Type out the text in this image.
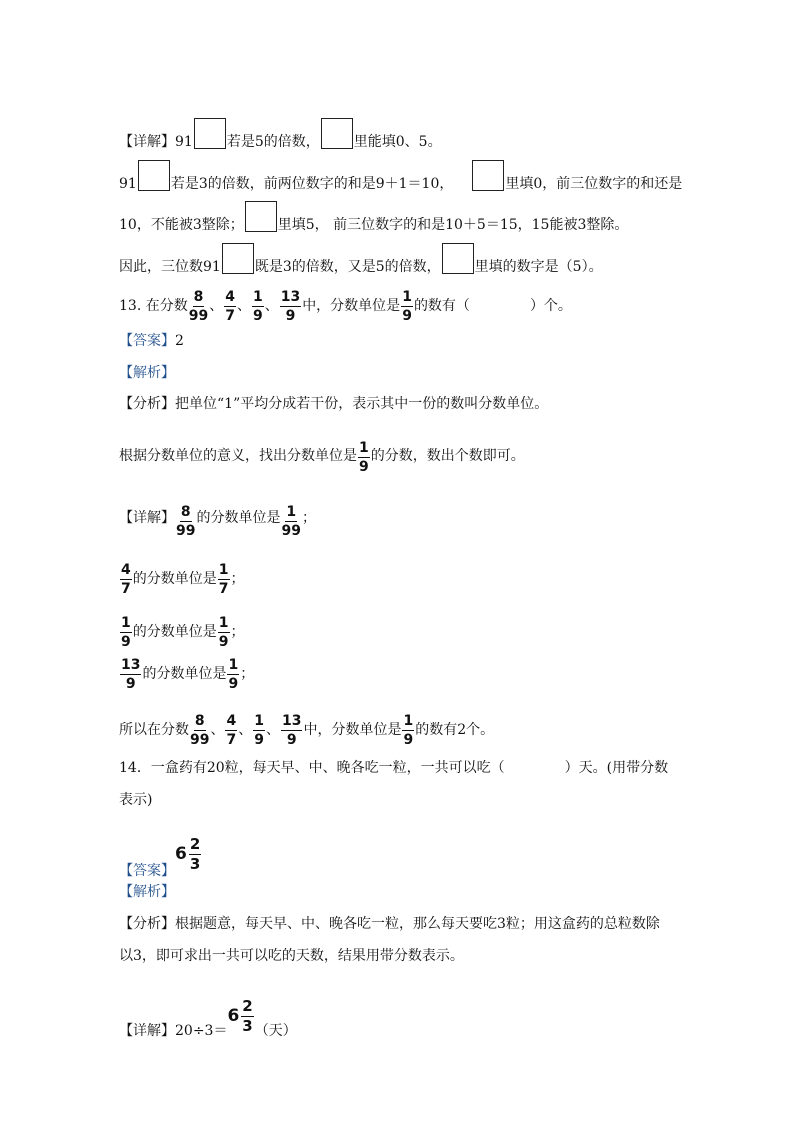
【详解】91 若是5的倍数， 里能填0、5。
91 若是3的倍数，前两位数字的和是9＋1＝10，	里填0，前三位数字的和还是
10，不能被3整除； 里填5， 前三位数字的和是10＋5＝15，15能被3整除。
因此，三位数91 既是3的倍数，又是5的倍数， 里填的数字是（5）。
13. 在分数 $\frac{8}{99}$ 、 $\frac{4}{7}$ 、 $\frac{1}{9}$ 、 $\frac{13}{9}$ 中，分数单位是 $\frac{1}{9}$ 的数有（	）个。
【答案】2
【解析】
【分析】把单位“1”平均分成若干份，表示其中一份的数叫分数单位。
根据分数单位的意义，找出分数单位是 $\frac{1}{9}$ 的分数，数出个数即可。
【详解】 $\frac{8}{99}$ 的分数单位是 $\frac{1}{99}$ ；
$\frac{4}{7}$ 的分数单位是 $\frac{1}{7}$ ；
$\frac{1}{9}$ 的分数单位是 $\frac{1}{9}$ ；
$\frac{13}{9}$ 的分数单位是 $\frac{1}{9}$ ；
所以在分数 $\frac{8}{99}$ 、 $\frac{4}{7}$ 、 $\frac{1}{9}$ 、 $\frac{13}{9}$ 中，分数单位是 $\frac{1}{9}$ 的数有2个。
14．一盒药有20粒，每天早、中、晚各吃一粒，一共可以吃（	）天。(用带分数
表示)
【答案】
$6 \frac{2}{3}$
【解析】
【分析】根据题意，每天早、中、晚各吃一粒，那么每天要吃3粒；用这盒药的总粒数除
以3，即可求出一共可以吃的天数，结果用带分数表示。
【详解】20÷3＝
$6 \frac{2}{3}$ （天）
